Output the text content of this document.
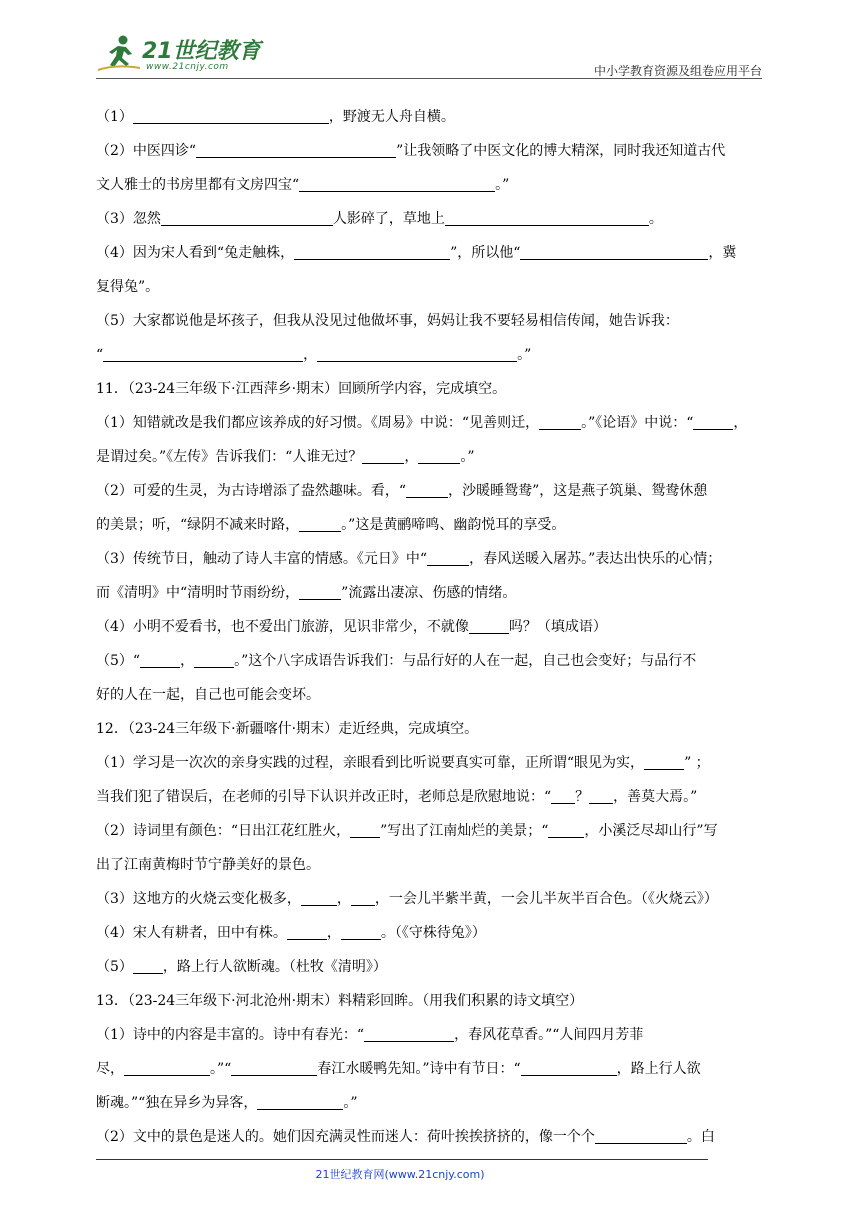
21世纪教育
www.21cnjy.com	中小学教育资源及组卷应用平台

（1）	，野渡无人舟自横。

（2）中医四诊“	”让我领略了中医文化的博大精深，同时我还知道古代

文人雅士的书房里都有文房四宝“	。”

（3）忽然	人影碎了，草地上	。

（4）因为宋人看到“兔走触株，	”，所以他“	，冀

复得兔”。

（5）大家都说他是坏孩子，但我从没见过他做坏事，妈妈让我不要轻易相信传闻，她告诉我：

“	，	。”

11．（23-24三年级下·江西萍乡·期末）回顾所学内容，完成填空。

（1）知错就改是我们都应该养成的好习惯。《周易》中说：“见善则迁，	。”《论语》中说：“	，

是谓过矣。”《左传》告诉我们：“人谁无过？	，	。”

（2）可爱的生灵，为古诗增添了盎然趣味。看，“	，沙暖睡鸳鸯”，这是燕子筑巢、鸳鸯休憩

的美景；听，“绿阴不减来时路，	。”这是黄鹂啼鸣、幽韵悦耳的享受。

（3）传统节日，触动了诗人丰富的情感。《元日》中“	，春风送暖入屠苏。”表达出快乐的心情；

而《清明》中“清明时节雨纷纷，	”流露出凄凉、伤感的情绪。

（4）小明不爱看书，也不爱出门旅游，见识非常少，不就像	吗？（填成语）

（5）“	，	。”这个八字成语告诉我们：与品行好的人在一起，自己也会变好；与品行不

好的人在一起，自己也可能会变坏。

12．（23-24三年级下·新疆喀什·期末）走近经典，完成填空。

（1）学习是一次次的亲身实践的过程，亲眼看到比听说要真实可靠，正所谓“眼见为实，	” ；

当我们犯了错误后，在老师的引导下认识并改正时，老师总是欣慰地说：“ ？ ，善莫大焉。”

（2）诗词里有颜色：“日出江花红胜火， ”写出了江南灿烂的美景；“	，小溪泛尽却山行”写

出了江南黄梅时节宁静美好的景色。

（3）这地方的火烧云变化极多，	， ，一会儿半紫半黄，一会儿半灰半百合色。（《火烧云》）

（4）宋人有耕者，田中有株。	，	。（《守株待兔》）

（5） ，路上行人欲断魂。（杜牧《清明》）

13．（23-24三年级下·河北沧州·期末）料精彩回眸。（用我们积累的诗文填空）

（1）诗中的内容是丰富的。诗中有春光：“	，春风花草香。”“人间四月芳菲

尽，	。”“	春江水暖鸭先知。”诗中有节日：“	，路上行人欲

断魂。”“独在异乡为异客，	。”

（2）文中的景色是迷人的。她们因充满灵性而迷人：荷叶挨挨挤挤的，像一个个	。白

21世纪教育网(www.21cnjy.com)
